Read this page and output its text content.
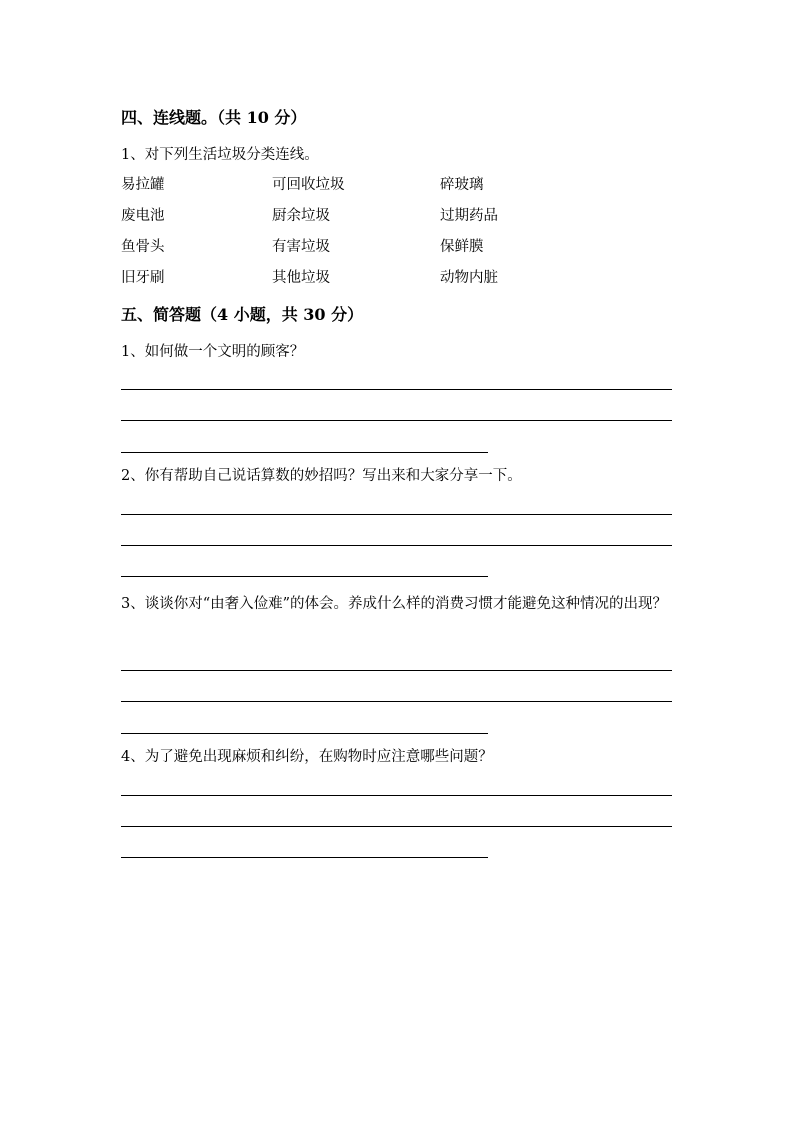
四、连线题。（共 10 分）
1、对下列生活垃圾分类连线。
易拉罐
废电池
鱼骨头
旧牙刷
可回收垃圾
厨余垃圾
有害垃圾
其他垃圾
碎玻璃
过期药品
保鲜膜
动物内脏
五、简答题（4 小题，共 30 分）
1、如何做一个文明的顾客？
2、你有帮助自己说话算数的妙招吗？写出来和大家分享一下。
3、谈谈你对“由奢入俭难”的体会。养成什么样的消费习惯才能避免这种情况的出现？
4、为了避免出现麻烦和纠纷，在购物时应注意哪些问题？
